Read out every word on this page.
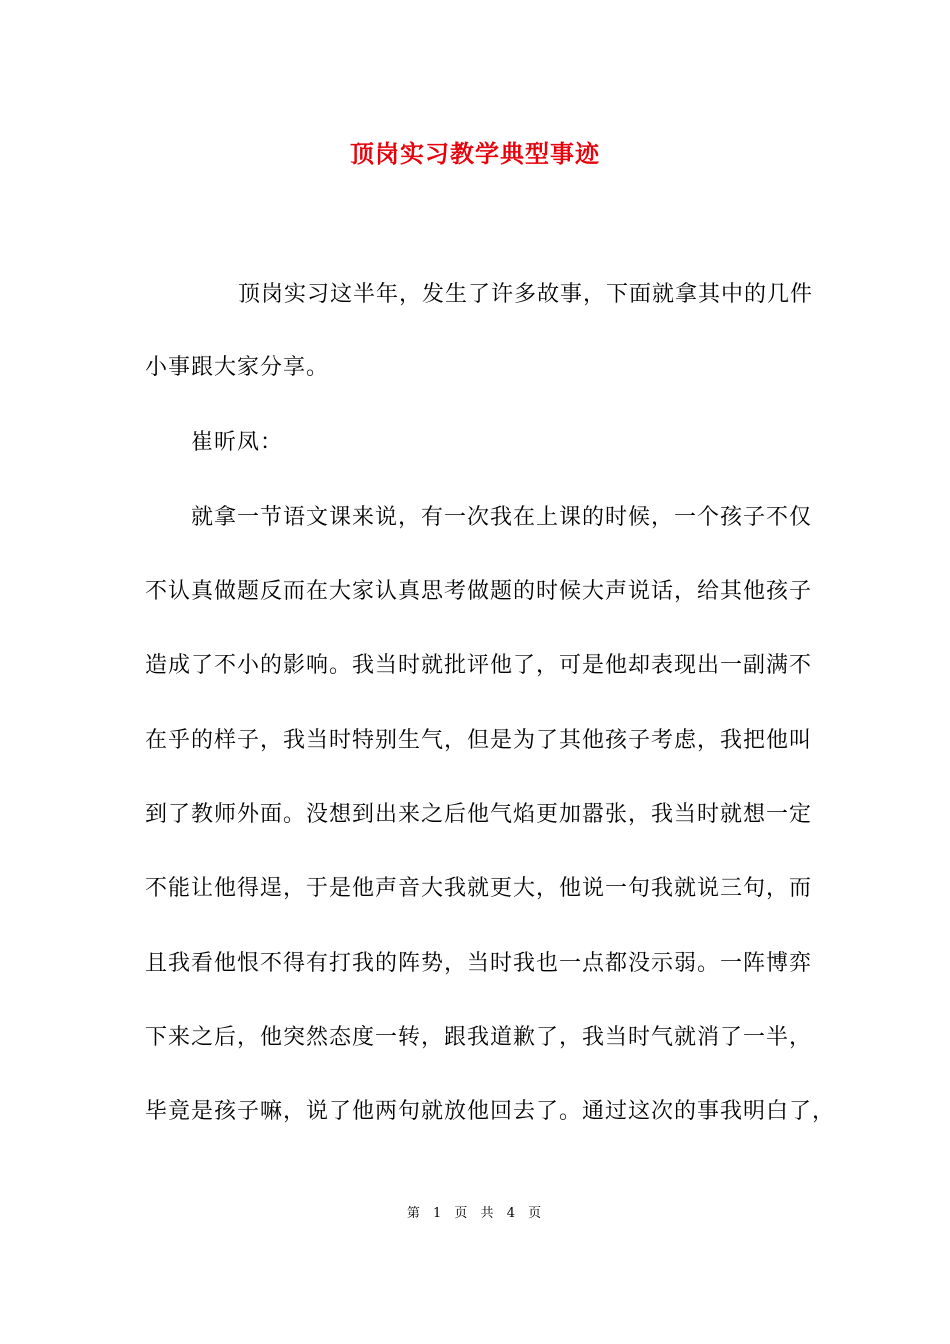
顶岗实习教学典型事迹
顶岗实习这半年，发生了许多故事，下面就拿其中的几件
小事跟大家分享。
崔昕凤：
就拿一节语文课来说，有一次我在上课的时候，一个孩子不仅
不认真做题反而在大家认真思考做题的时候大声说话，给其他孩子
造成了不小的影响。我当时就批评他了，可是他却表现出一副满不
在乎的样子，我当时特别生气，但是为了其他孩子考虑，我把他叫
到了教师外面。没想到出来之后他气焰更加嚣张，我当时就想一定
不能让他得逞，于是他声音大我就更大，他说一句我就说三句，而
且我看他恨不得有打我的阵势，当时我也一点都没示弱。一阵博弈
下来之后，他突然态度一转，跟我道歉了，我当时气就消了一半，
毕竟是孩子嘛，说了他两句就放他回去了。通过这次的事我明白了，
第 1 页 共 4 页
